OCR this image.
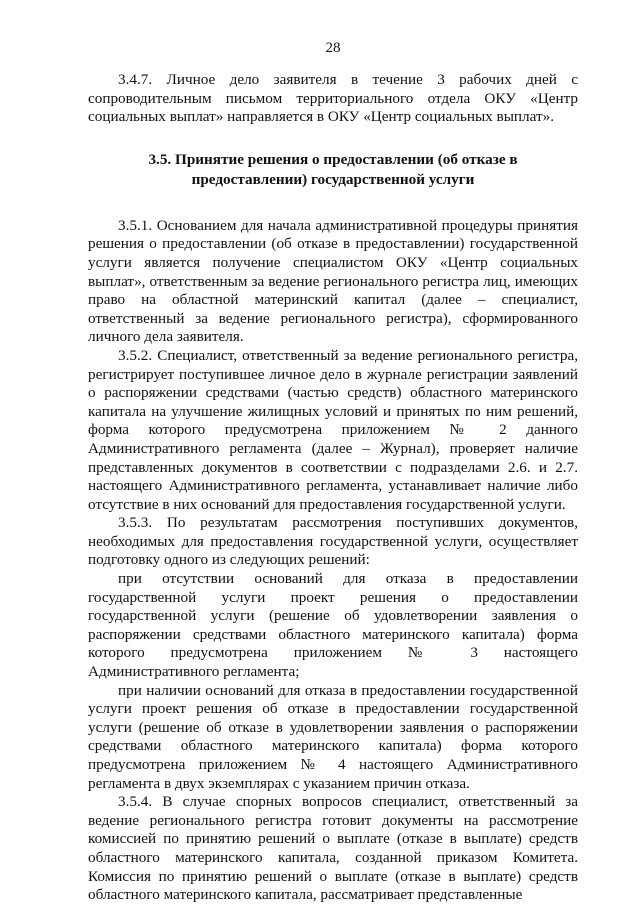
28

3.4.7. Личное дело заявителя в течение 3 рабочих дней с сопроводительным письмом территориального отдела ОКУ «Центр социальных выплат» направляется в ОКУ «Центр социальных выплат».

3.5. Принятие решения о предоставлении (об отказе в
предоставлении) государственной услуги

3.5.1. Основанием для начала административной процедуры принятия решения о предоставлении (об отказе в предоставлении) государственной услуги является получение специалистом ОКУ «Центр социальных выплат», ответственным за ведение регионального регистра лиц, имеющих право на областной материнский капитал (далее – специалист, ответственный за ведение регионального регистра), сформированного личного дела заявителя.

3.5.2. Специалист, ответственный за ведение регионального регистра, регистрирует поступившее личное дело в журнале регистрации заявлений о распоряжении средствами (частью средств) областного материнского капитала на улучшение жилищных условий и принятых по ним решений, форма которого предусмотрена приложением № 2 данного Административного регламента (далее – Журнал), проверяет наличие представленных документов в соответствии с подразделами 2.6. и 2.7. настоящего Административного регламента, устанавливает наличие либо отсутствие в них оснований для предоставления государственной услуги.

3.5.3. По результатам рассмотрения поступивших документов, необходимых для предоставления государственной услуги, осуществляет подготовку одного из следующих решений:

при отсутствии оснований для отказа в предоставлении государственной услуги проект решения о предоставлении государственной услуги (решение об удовлетворении заявления о распоряжении средствами областного материнского капитала) форма которого предусмотрена приложением № 3 настоящего Административного регламента;

при наличии оснований для отказа в предоставлении государственной услуги проект решения об отказе в предоставлении государственной услуги (решение об отказе в удовлетворении заявления о распоряжении средствами областного материнского капитала) форма которого предусмотрена приложением № 4 настоящего Административного регламента в двух экземплярах с указанием причин отказа.

3.5.4. В случае спорных вопросов специалист, ответственный за ведение регионального регистра готовит документы на рассмотрение комиссией по принятию решений о выплате (отказе в выплате) средств областного материнского капитала, созданной приказом Комитета. Комиссия по принятию решений о выплате (отказе в выплате) средств областного материнского капитала, рассматривает представленные
